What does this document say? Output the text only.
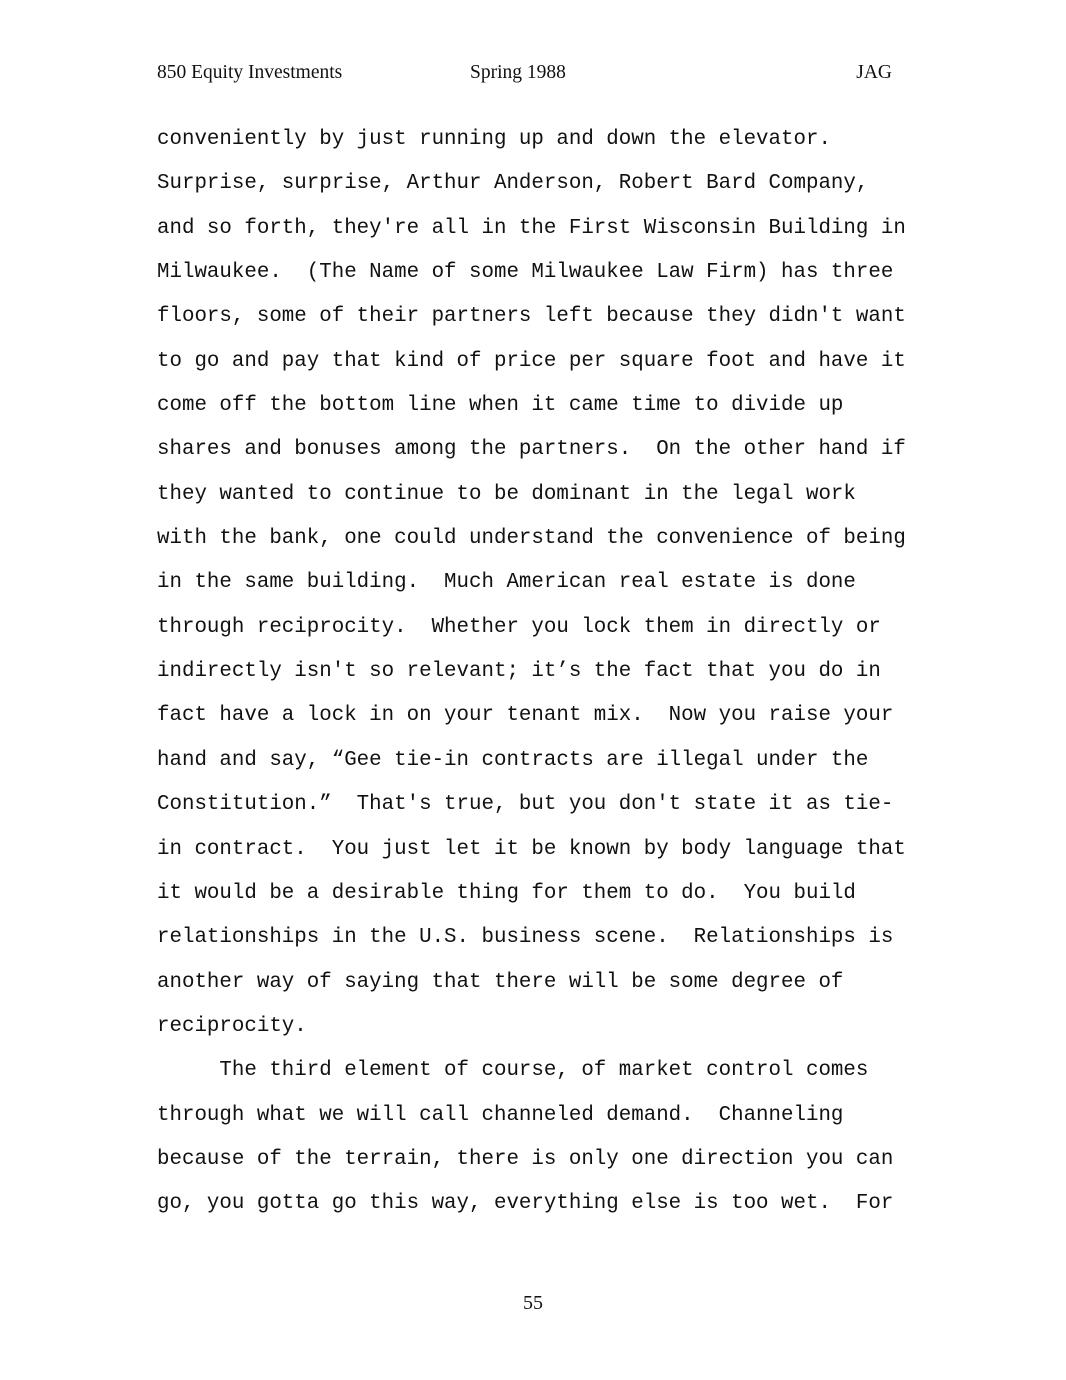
850 Equity Investments	Spring 1988	JAG
conveniently by just running up and down the elevator.
Surprise, surprise, Arthur Anderson, Robert Bard Company,
and so forth, they're all in the First Wisconsin Building in
Milwaukee.  (The Name of some Milwaukee Law Firm) has three
floors, some of their partners left because they didn't want
to go and pay that kind of price per square foot and have it
come off the bottom line when it came time to divide up
shares and bonuses among the partners.  On the other hand if
they wanted to continue to be dominant in the legal work
with the bank, one could understand the convenience of being
in the same building.  Much American real estate is done
through reciprocity.  Whether you lock them in directly or
indirectly isn't so relevant; it’s the fact that you do in
fact have a lock in on your tenant mix.  Now you raise your
hand and say, “Gee tie-in contracts are illegal under the
Constitution.”  That's true, but you don't state it as tie-
in contract.  You just let it be known by body language that
it would be a desirable thing for them to do.  You build
relationships in the U.S. business scene.  Relationships is
another way of saying that there will be some degree of
reciprocity.
The third element of course, of market control comes
through what we will call channeled demand.  Channeling
because of the terrain, there is only one direction you can
go, you gotta go this way, everything else is too wet.  For
55
